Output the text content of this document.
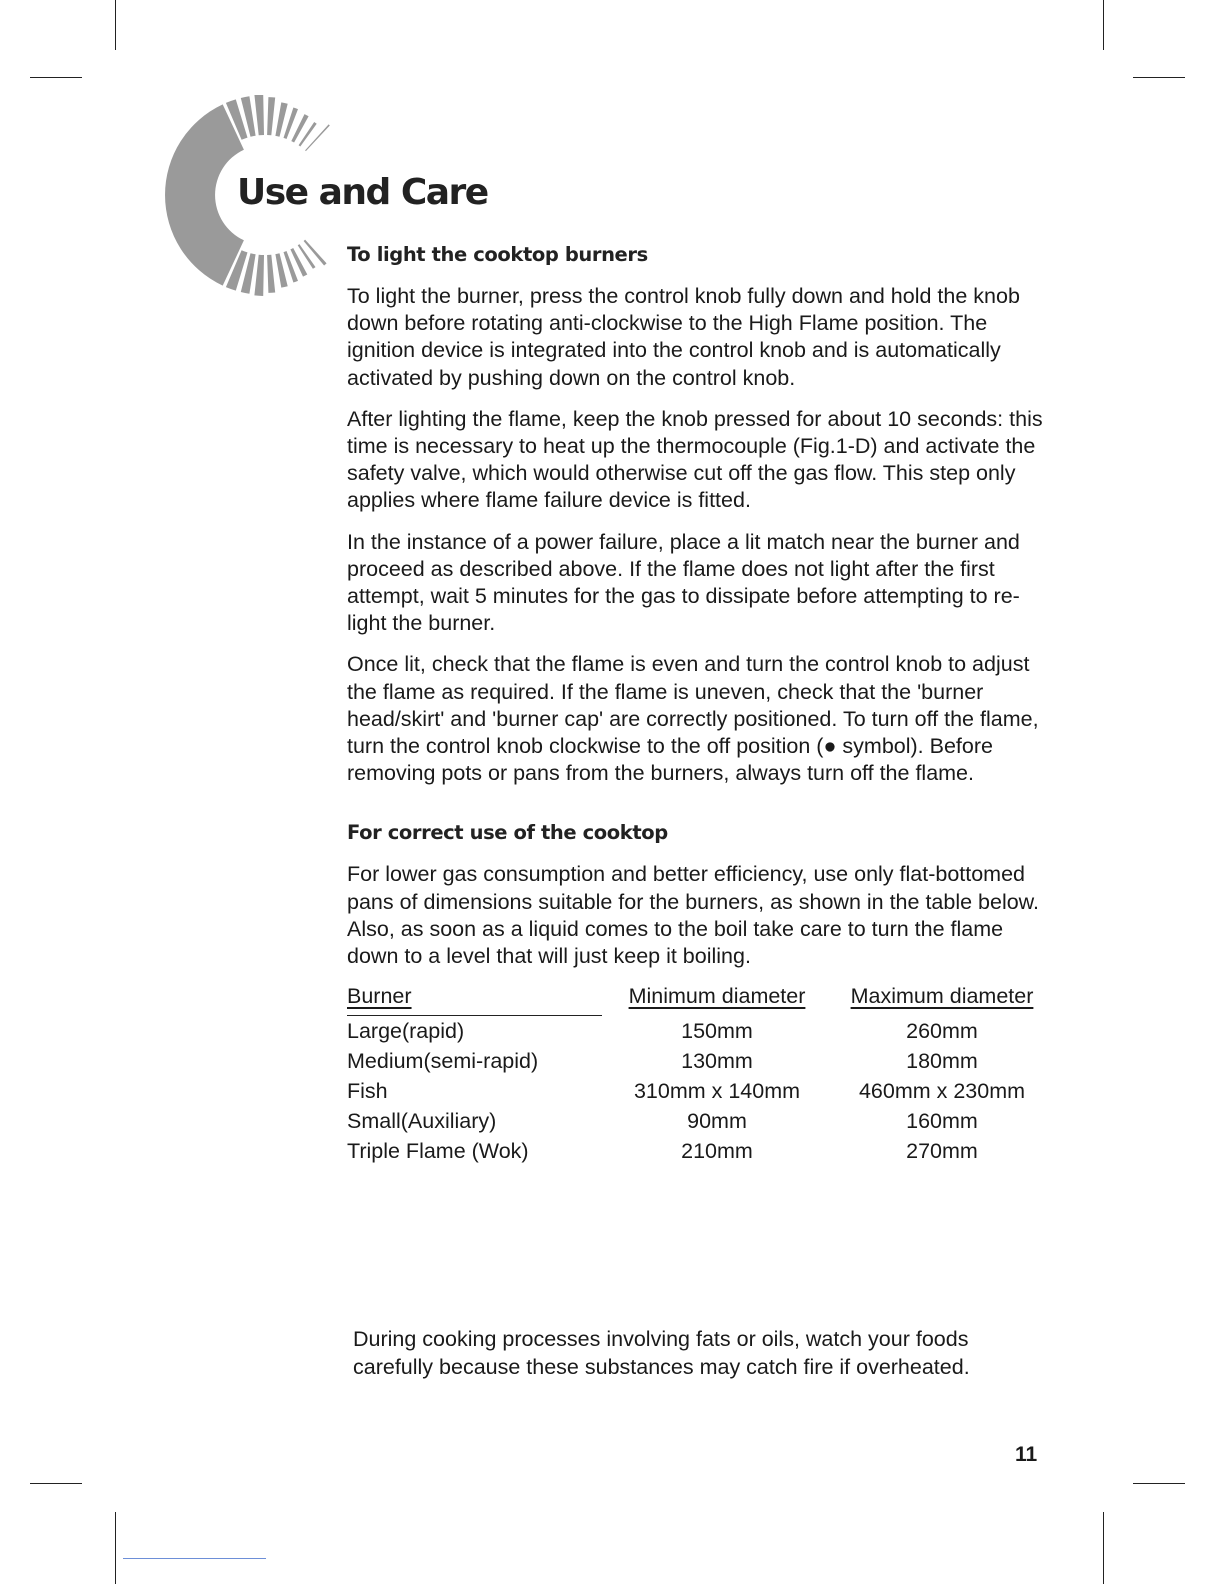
Use and Care
To light the cooktop burners

To light the burner, press the control knob fully down and hold the knob down before rotating anti-clockwise to the High Flame position. The ignition device is integrated into the control knob and is automatically activated by pushing down on the control knob.

After lighting the flame, keep the knob pressed for about 10 seconds: this time is necessary to heat up the thermocouple (Fig.1-D) and activate the safety valve, which would otherwise cut off the gas flow. This step only applies where flame failure device is fitted.

In the instance of a power failure, place a lit match near the burner and proceed as described above. If the flame does not light after the first attempt, wait 5 minutes for the gas to dissipate before attempting to re-light the burner.

Once lit, check that the flame is even and turn the control knob to adjust the flame as required. If the flame is uneven, check that the 'burner head/skirt' and 'burner cap' are correctly positioned. To turn off the flame, turn the control knob clockwise to the off position (● symbol). Before removing pots or pans from the burners, always turn off the flame.

For correct use of the cooktop

For lower gas consumption and better efficiency, use only flat-bottomed pans of dimensions suitable for the burners, as shown in the table below. Also, as soon as a liquid comes to the boil take care to turn the flame down to a level that will just keep it boiling.

Burner	Minimum diameter	Maximum diameter
Large(rapid)	150mm	260mm
Medium(semi-rapid)	130mm	180mm
Fish	310mm x 140mm	460mm x 230mm
Small(Auxiliary)	90mm	160mm
Triple Flame (Wok)	210mm	270mm

During cooking processes involving fats or oils, watch your foods carefully because these substances may catch fire if overheated.

11
